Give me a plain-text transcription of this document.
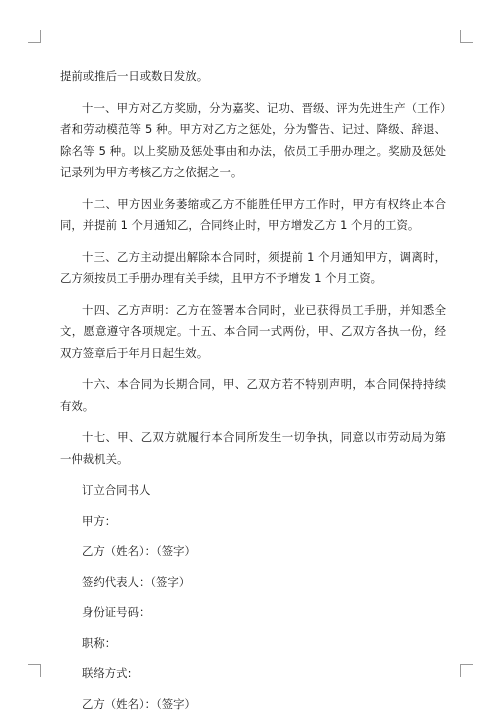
提前或推后一日或数日发放。

十一、甲方对乙方奖励，分为嘉奖、记功、晋级、评为先进生产（工作）者和劳动模范等 5 种。甲方对乙方之惩处，分为警告、记过、降级、辞退、除名等 5 种。以上奖励及惩处事由和办法，依员工手册办理之。奖励及惩处记录列为甲方考核乙方之依据之一。

十二、甲方因业务萎缩或乙方不能胜任甲方工作时，甲方有权终止本合同，并提前 1 个月通知乙，合同终止时，甲方增发乙方 1 个月的工资。

十三、乙方主动提出解除本合同时，须提前 1 个月通知甲方，调离时，乙方须按员工手册办理有关手续，且甲方不予增发 1 个月工资。

十四、乙方声明：乙方在签署本合同时，业已获得员工手册，并知悉全文，愿意遵守各项规定。十五、本合同一式两份，甲、乙双方各执一份，经双方签章后于年月日起生效。

十六、本合同为长期合同，甲、乙双方若不特别声明，本合同保持持续有效。

十七、甲、乙双方就履行本合同所发生一切争执，同意以市劳动局为第一仲裁机关。

订立合同书人

甲方：

乙方（姓名）：（签字）

签约代表人：（签字）

身份证号码：

职称：

联络方式:

乙方（姓名）：（签字）
